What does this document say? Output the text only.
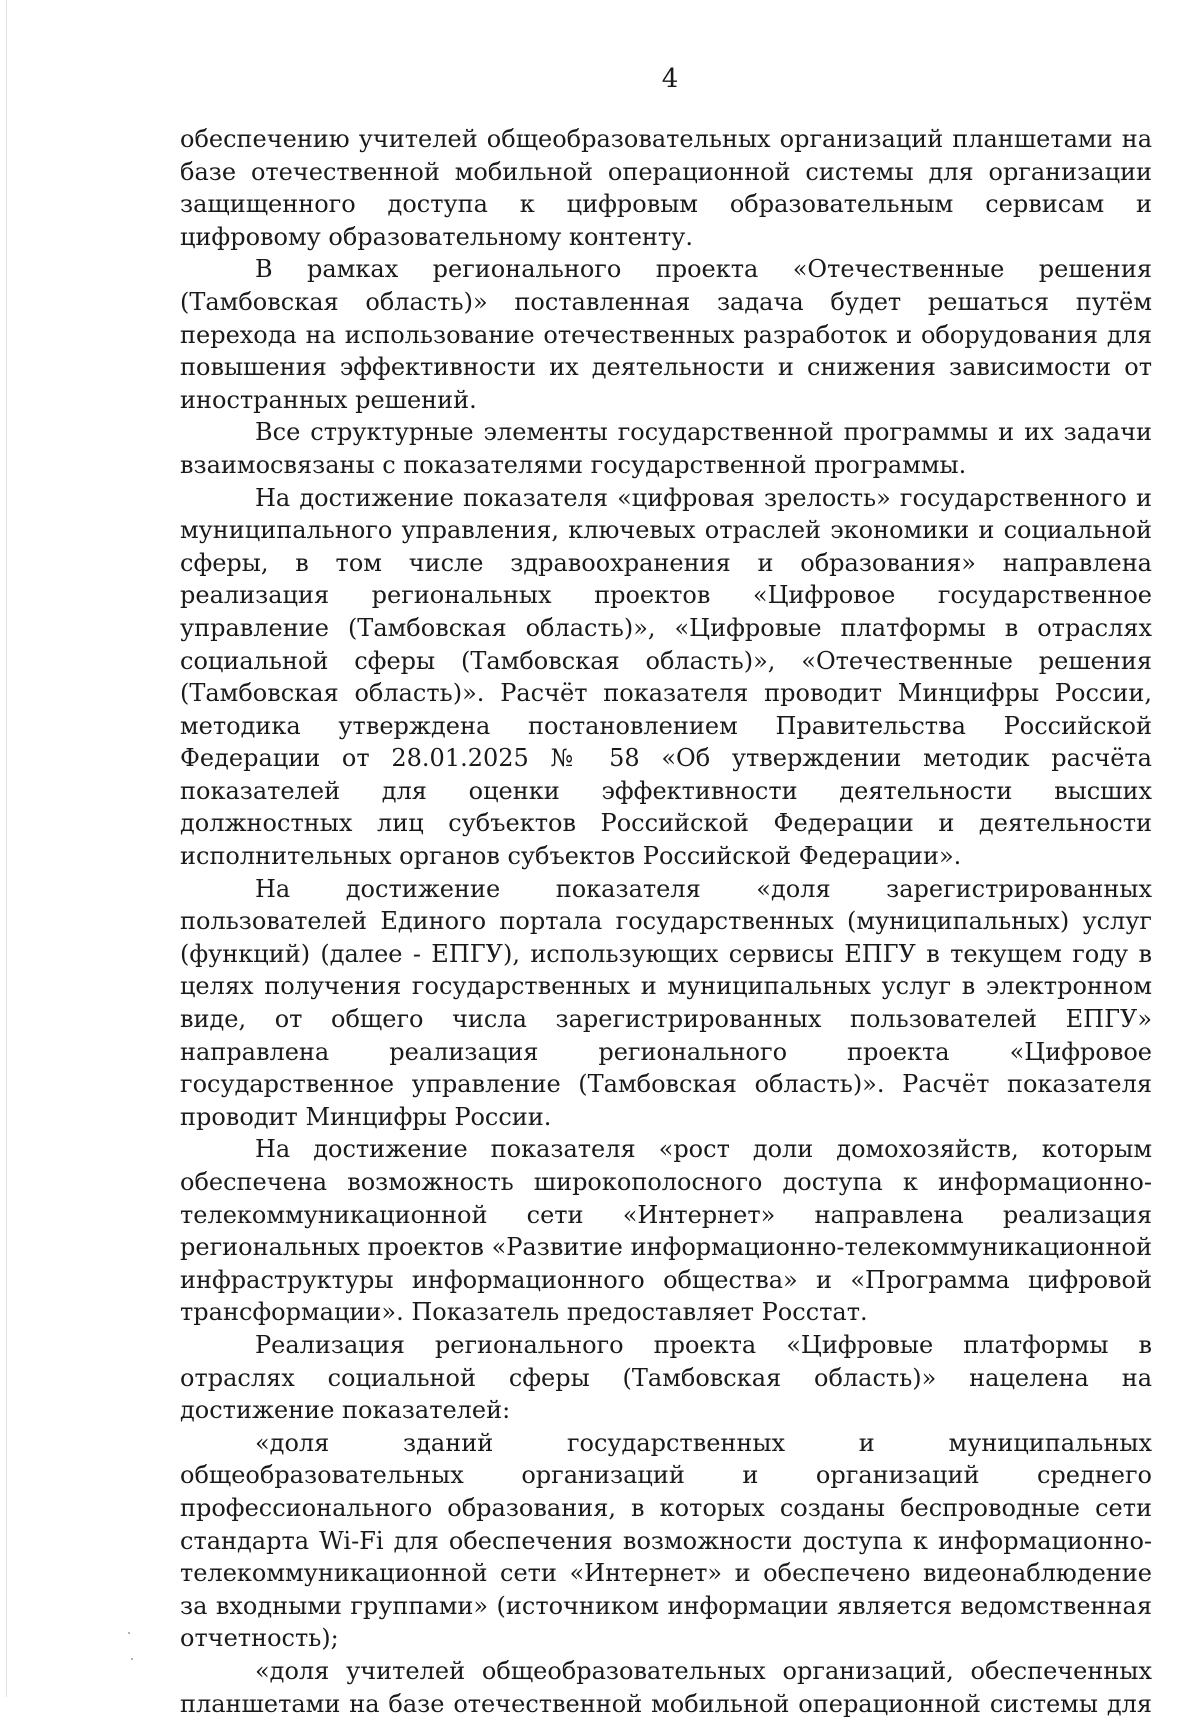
4

обеспечению учителей общеобразовательных организаций планшетами на базе отечественной мобильной операционной системы для организации защищенного доступа к цифровым образовательным сервисам и цифровому образовательному контенту.

В рамках регионального проекта «Отечественные решения (Тамбовская область)» поставленная задача будет решаться путём перехода на использование отечественных разработок и оборудования для повышения эффективности их деятельности и снижения зависимости от иностранных решений.

Все структурные элементы государственной программы и их задачи взаимосвязаны с показателями государственной программы.

На достижение показателя «цифровая зрелость» государственного и муниципального управления, ключевых отраслей экономики и социальной сферы, в том числе здравоохранения и образования» направлена реализация региональных проектов «Цифровое государственное управление (Тамбовская область)», «Цифровые платформы в отраслях социальной сферы (Тамбовская область)», «Отечественные решения (Тамбовская область)». Расчёт показателя проводит Минцифры России, методика утверждена постановлением Правительства Российской Федерации от 28.01.2025 № 58 «Об утверждении методик расчёта показателей для оценки эффективности деятельности высших должностных лиц субъектов Российской Федерации и деятельности исполнительных органов субъектов Российской Федерации».

На достижение показателя «доля зарегистрированных пользователей Единого портала государственных (муниципальных) услуг (функций) (далее - ЕПГУ), использующих сервисы ЕПГУ в текущем году в целях получения государственных и муниципальных услуг в электронном виде, от общего числа зарегистрированных пользователей ЕПГУ» направлена реализация регионального проекта «Цифровое государственное управление (Тамбовская область)». Расчёт показателя проводит Минцифры России.

На достижение показателя «рост доли домохозяйств, которым обеспечена возможность широкополосного доступа к информационно-телекоммуникационной сети «Интернет» направлена реализация региональных проектов «Развитие информационно-телекоммуникационной инфраструктуры информационного общества» и «Программа цифровой трансформации». Показатель предоставляет Росстат.

Реализация регионального проекта «Цифровые платформы в отраслях социальной сферы (Тамбовская область)» нацелена на достижение показателей:

«доля зданий государственных и муниципальных общеобразовательных организаций и организаций среднего профессионального образования, в которых созданы беспроводные сети стандарта Wi-Fi для обеспечения возможности доступа к информационно-телекоммуникационной сети «Интернет» и обеспечено видеонаблюдение за входными группами» (источником информации является ведомственная отчетность);

«доля учителей общеобразовательных организаций, обеспеченных планшетами на базе отечественной мобильной операционной системы для
